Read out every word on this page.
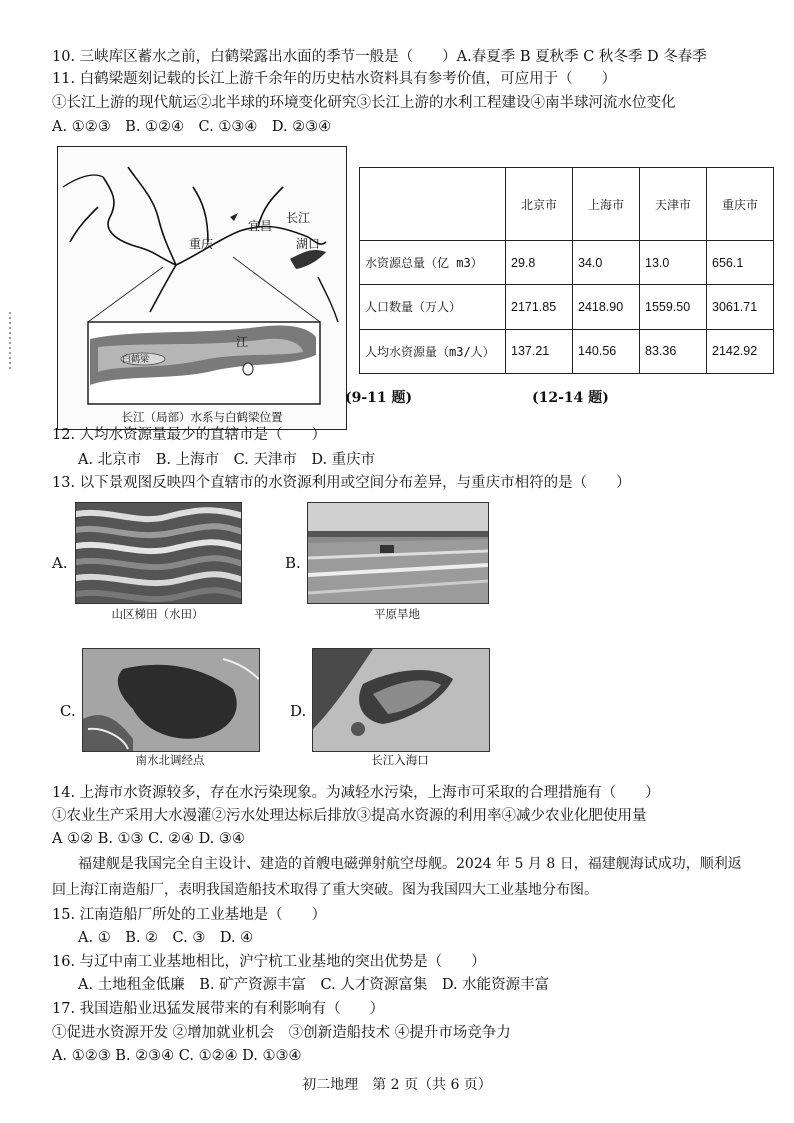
10. 三峡库区蓄水之前，白鹤梁露出水面的季节一般是（　　）A.春夏季 B 夏秋季 C 秋冬季 D 冬春季
11. 白鹤梁题刻记载的长江上游千余年的历史枯水资料具有参考价值，可应用于（　　）
①长江上游的现代航运②北半球的环境变化研究③长江上游的水利工程建设④南半球河流水位变化
A. ①②③　B. ①②④　C. ①③④　D. ②③④
重庆
宜昌
长江
湖口
江
白鹤梁
长江（局部）水系与白鹤梁位置
	北京市	上海市	天津市	重庆市
水资源总量（亿 m3）	29.8	34.0	13.0	656.1
人口数量（万人）	2171.85	2418.90	1559.50	3061.71
人均水资源量（m3/人）	137.21	140.56	83.36	2142.92
(9-11 题)	(12-14 题)
12. 人均水资源量最少的直辖市是（　　）
A. 北京市　B. 上海市　C. 天津市　D. 重庆市
13. 以下景观图反映四个直辖市的水资源利用或空间分布差异，与重庆市相符的是（　　）
A.
山区梯田（水田）
B.
平原旱地
C.
南水北调经点
D.
长江入海口
14. 上海市水资源较多，存在水污染现象。为减轻水污染，上海市可采取的合理措施有（　　）
①农业生产采用大水漫灌②污水处理达标后排放③提高水资源的利用率④减少农业化肥使用量
A ①② B. ①③ C. ②④ D. ③④
福建舰是我国完全自主设计、建造的首艘电磁弹射航空母舰。2024 年 5 月 8 日，福建舰海试成功，顺利返回上海江南造船厂，表明我国造船技术取得了重大突破。图为我国四大工业基地分布图。
15. 江南造船厂所处的工业基地是（　　）
A. ①　B. ②　C. ③　D. ④
16. 与辽中南工业基地相比，沪宁杭工业基地的突出优势是（　　）
A. 土地租金低廉　B. 矿产资源丰富　C. 人才资源富集　D. 水能资源丰富
17. 我国造船业迅猛发展带来的有利影响有（　　）
①促进水资源开发 ②增加就业机会　③创新造船技术 ④提升市场竞争力
A. ①②③ B. ②③④ C. ①②④ D. ①③④
初二地理　第 2 页（共 6 页）
